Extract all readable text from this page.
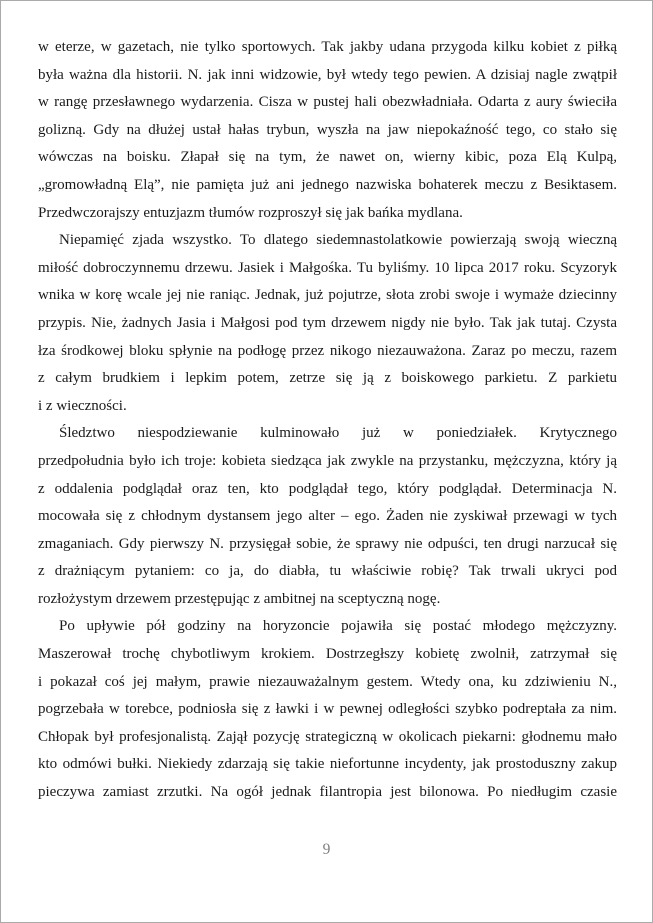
w eterze, w gazetach, nie tylko sportowych. Tak jakby udana przygoda kilku kobiet z piłką
była ważna dla historii. N. jak inni widzowie, był wtedy tego pewien. A dzisiaj nagle zwątpił
w rangę przesławnego wydarzenia. Cisza w pustej hali obezwładniała. Odarta z aury świeciła
golizną. Gdy na dłużej ustał hałas trybun, wyszła na jaw niepokaźność tego, co stało się
wówczas na boisku. Złapał się na tym, że nawet on, wierny kibic, poza Elą Kulpą,
„gromowładną Elą”, nie pamięta już ani jednego nazwiska bohaterek meczu z Besiktasem.
Przedwczorajszy entuzjazm tłumów rozproszył się jak bańka mydlana.
Niepamięć zjada wszystko. To dlatego siedemnastolatkowie powierzają swoją wieczną
miłość dobroczynnemu drzewu. Jasiek i Małgośka. Tu byliśmy. 10 lipca 2017 roku. Scyzoryk
wnika w korę wcale jej nie raniąc. Jednak, już pojutrze, słota zrobi swoje i wymaże dziecinny
przypis. Nie, żadnych Jasia i Małgosi pod tym drzewem nigdy nie było. Tak jak tutaj. Czysta
łza środkowej bloku spłynie na podłogę przez nikogo niezauważona. Zaraz po meczu, razem
z całym brudkiem i lepkim potem, zetrze się ją z boiskowego parkietu. Z parkietu
i z wieczności.
Śledztwo niespodziewanie kulminowało już w poniedziałek. Krytycznego
przedpołudnia było ich troje: kobieta siedząca jak zwykle na przystanku, mężczyzna, który ją
z oddalenia podglądał oraz ten, kto podglądał tego, który podglądał. Determinacja N.
mocowała się z chłodnym dystansem jego alter – ego. Żaden nie zyskiwał przewagi w tych
zmaganiach. Gdy pierwszy N. przysięgał sobie, że sprawy nie odpuści, ten drugi narzucał się
z drażniącym pytaniem: co ja, do diabła, tu właściwie robię? Tak trwali ukryci pod
rozłożystym drzewem przestępując z ambitnej na sceptyczną nogę.
Po upływie pół godziny na horyzoncie pojawiła się postać młodego mężczyzny.
Maszerował trochę chybotliwym krokiem. Dostrzegłszy kobietę zwolnił, zatrzymał się
i pokazał coś jej małym, prawie niezauważalnym gestem. Wtedy ona, ku zdziwieniu N.,
pogrzebała w torebce, podniosła się z ławki i w pewnej odległości szybko podreptała za nim.
Chłopak był profesjonalistą. Zajął pozycję strategiczną w okolicach piekarni: głodnemu mało
kto odmówi bułki. Niekiedy zdarzają się takie niefortunne incydenty, jak prostoduszny zakup
pieczywa zamiast zrzutki. Na ogół jednak filantropia jest bilonowa. Po niedługim czasie
9
